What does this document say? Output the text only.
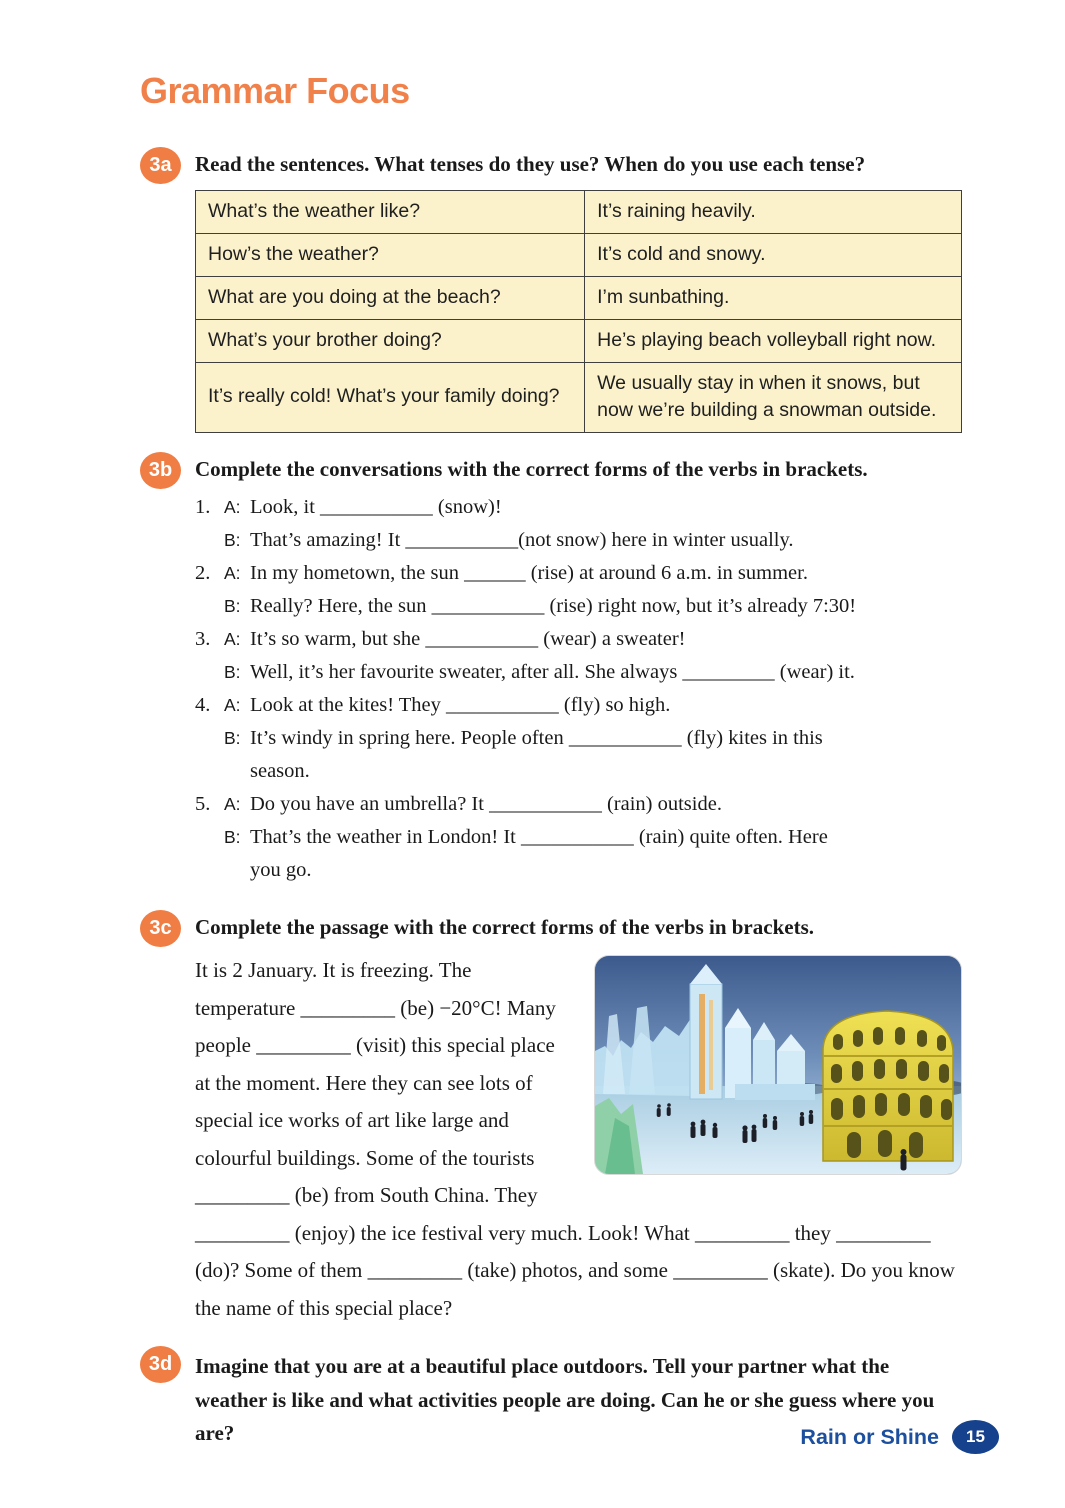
Grammar Focus
3a	Read the sentences. What tenses do they use? When do you use each tense?
What’s the weather like?	It’s raining heavily.
How’s the weather?	It’s cold and snowy.
What are you doing at the beach?	I’m sunbathing.
What’s your brother doing?	He’s playing beach volleyball right now.
It’s really cold! What’s your family doing?	We usually stay in when it snows, but now we’re building a snowman outside.
3b	Complete the conversations with the correct forms of the verbs in brackets.
1. A: Look, it ___________ (snow)!
B: That’s amazing! It ___________(not snow) here in winter usually.
2. A: In my hometown, the sun ______ (rise) at around 6 a.m. in summer.
B: Really? Here, the sun ___________ (rise) right now, but it’s already 7:30!
3. A: It’s so warm, but she ___________ (wear) a sweater!
B: Well, it’s her favourite sweater, after all. She always _________ (wear) it.
4. A: Look at the kites! They ___________ (fly) so high.
B: It’s windy in spring here. People often ___________ (fly) kites in this
season.
5. A: Do you have an umbrella? It ___________ (rain) outside.
B: That’s the weather in London! It ___________ (rain) quite often. Here
you go.
3c	Complete the passage with the correct forms of the verbs in brackets.
It is 2 January. It is freezing. The temperature _________ (be) −20°C! Many people _________ (visit) this special place at the moment. Here they can see lots of special ice works of art like large and colourful buildings. Some of the tourists _________ (be) from South China. They _________ (enjoy) the ice festival very much. Look! What _________ they _________ (do)? Some of them _________ (take) photos, and some _________ (skate). Do you know the name of this special place?
3d	Imagine that you are at a beautiful place outdoors. Tell your partner what the weather is like and what activities people are doing. Can he or she guess where you are?	Rain or Shine	15
